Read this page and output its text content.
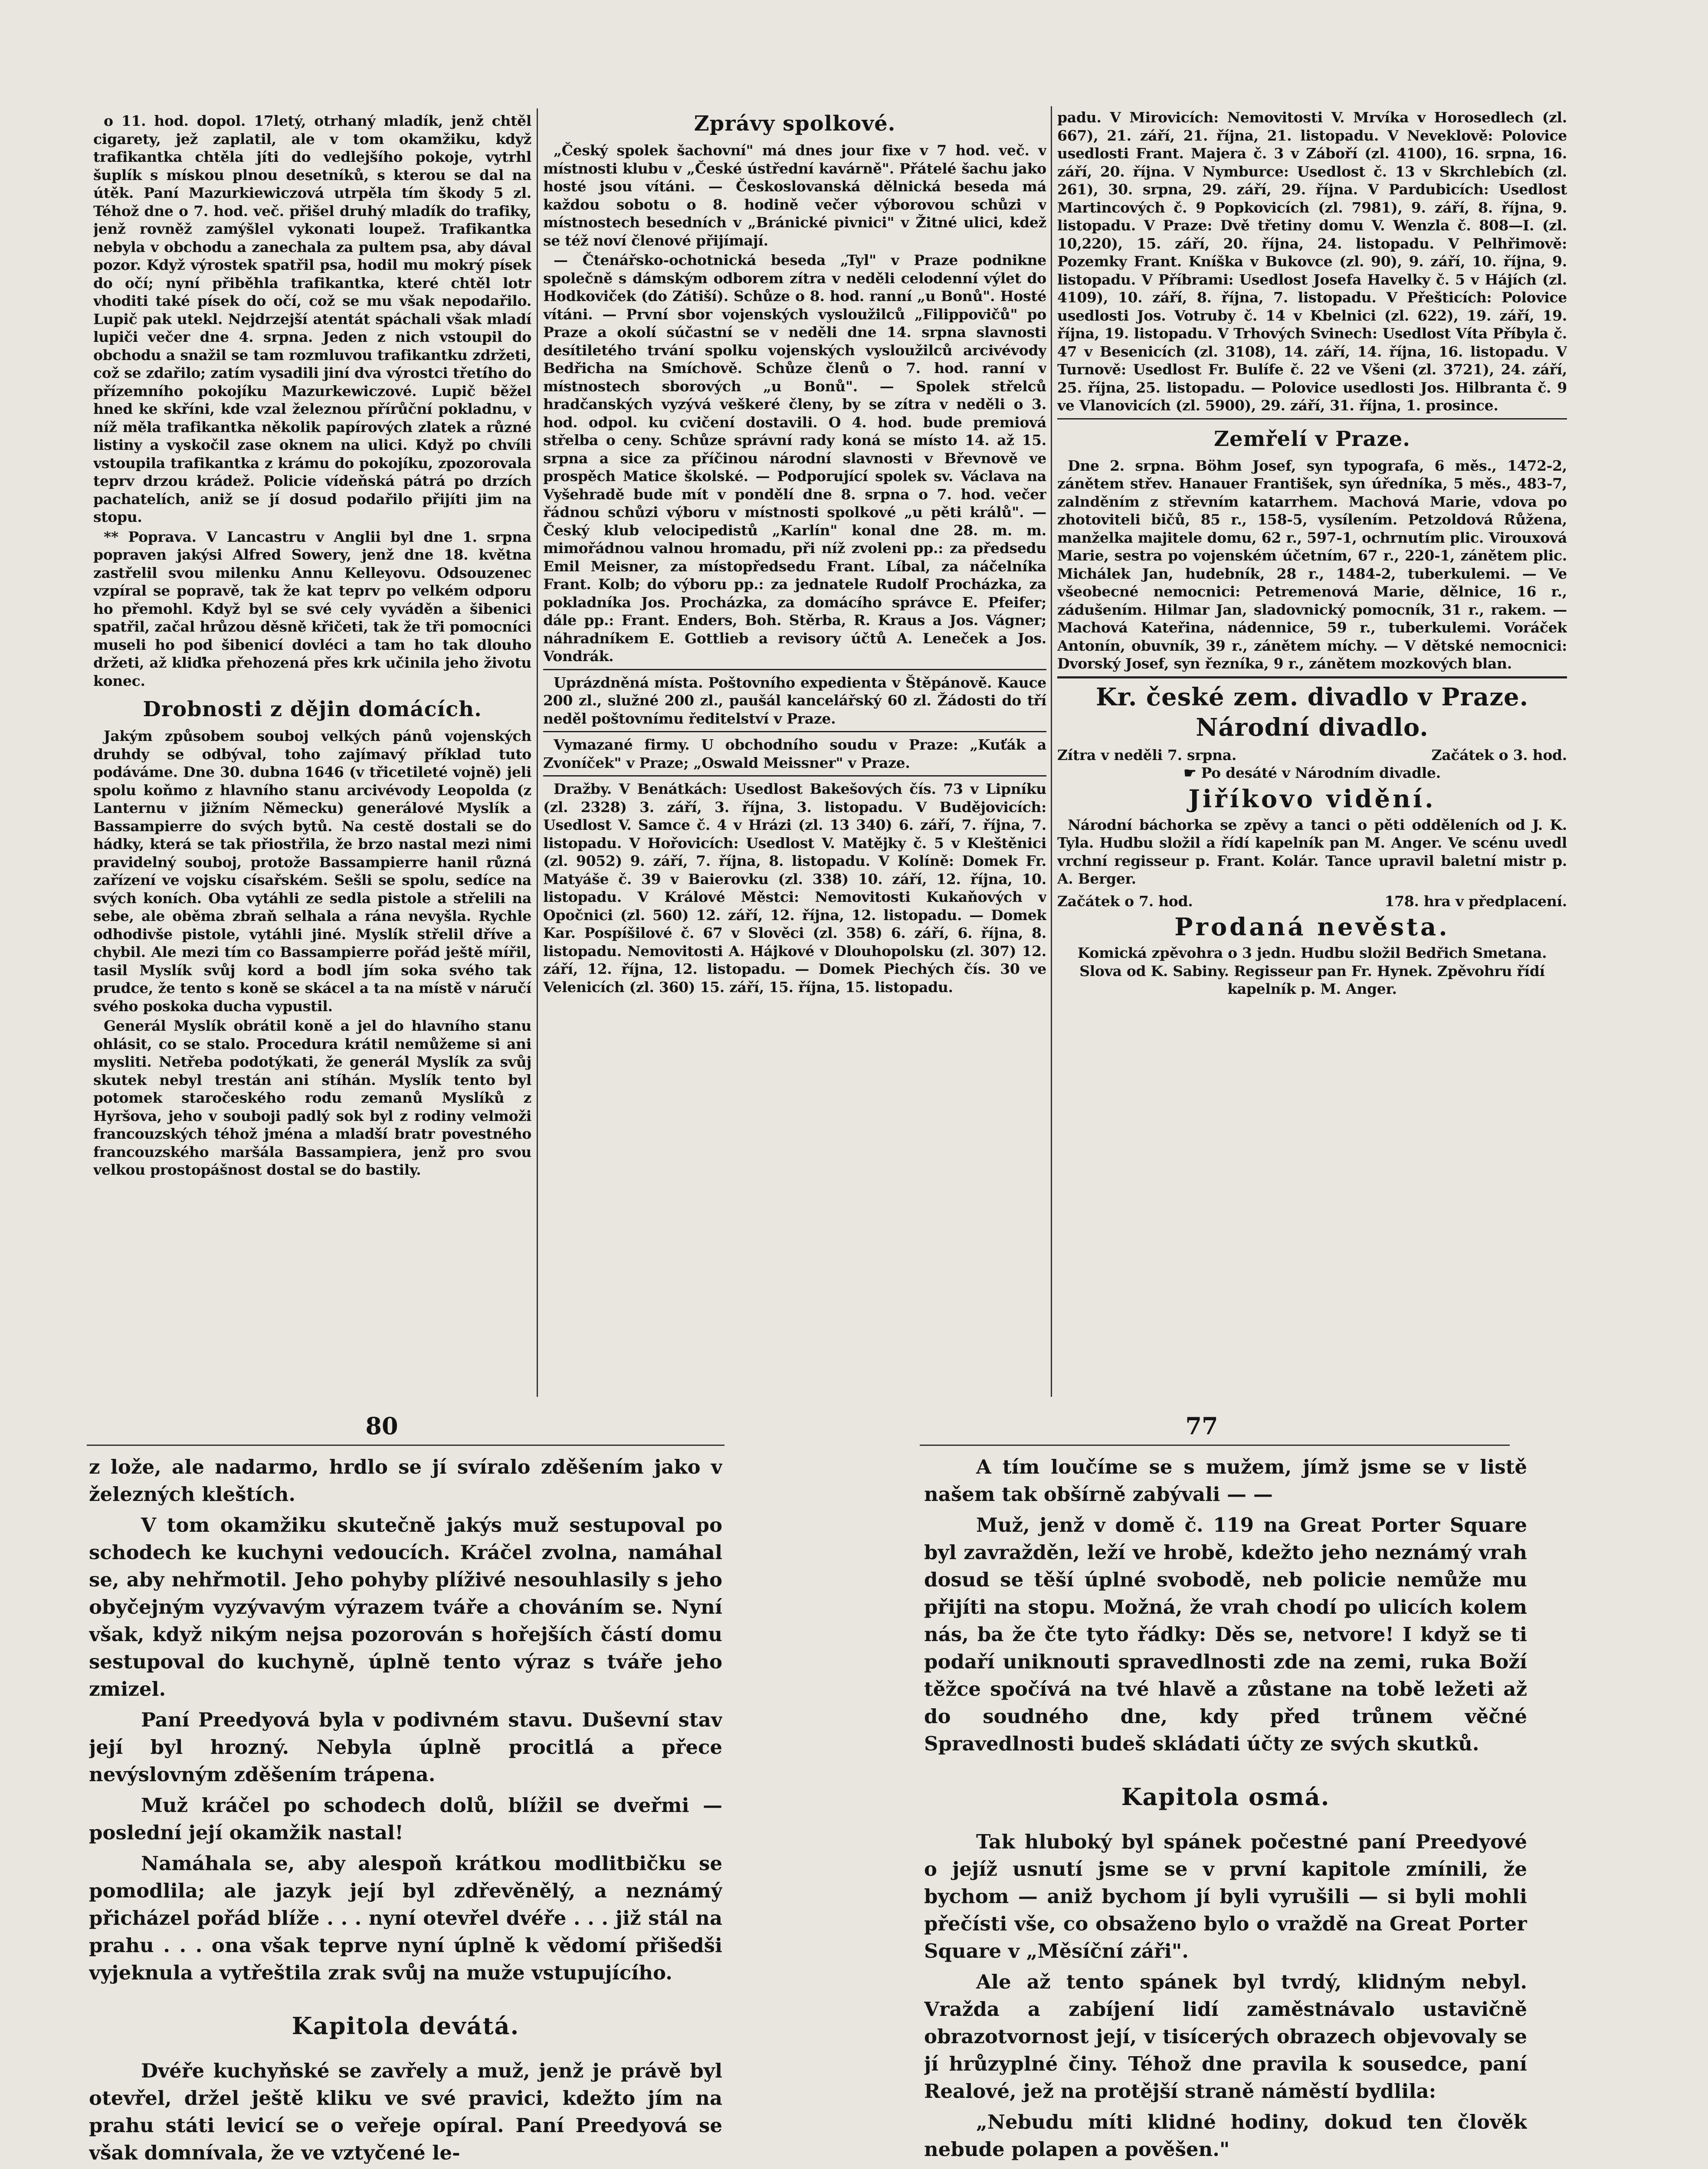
o 11. hod. dopol. 17letý, otrhaný mladík, jenž chtěl cigarety, jež zaplatil, ale v tom okamžiku, když trafikantka chtěla jíti do vedlejšího pokoje, vytrhl šuplík s mískou plnou desetníků, s kterou se dal na útěk. Paní Mazurkiewiczová utrpěla tím škody 5 zl. Téhož dne o 7. hod. več. přišel druhý mladík do trafiky, jenž rovněž zamýšlel vykonati loupež. Trafikantka nebyla v obchodu a zanechala za pultem psa, aby dával pozor. Když výrostek spatřil psa, hodil mu mokrý písek do očí; nyní přiběhla trafikantka, které chtěl lotr vhoditi také písek do očí, což se mu však nepodařilo. Lupič pak utekl. Nejdrzejší atentát spáchali však mladí lupiči večer dne 4. srpna. Jeden z nich vstoupil do obchodu a snažil se tam rozmluvou trafikantku zdržeti, což se zdařilo; zatím vysadili jiní dva výrostci třetího do přízemního pokojíku Mazurkewiczové. Lupič běžel hned ke skříni, kde vzal železnou přírůční pokladnu, v níž měla trafikantka několik papírových zlatek a různé listiny a vyskočil zase oknem na ulici. Když po chvíli vstoupila trafikantka z krámu do pokojíku, zpozorovala teprv drzou krádež. Policie vídeňská pátrá po drzích pachatelích, aniž se jí dosud podařilo přijíti jim na stopu.

** Poprava. V Lancastru v Anglii byl dne 1. srpna popraven jakýsi Alfred Sowery, jenž dne 18. května zastřelil svou milenku Annu Kelleyovu. Odsouzenec vzpíral se popravě, tak že kat teprv po velkém odporu ho přemohl. Když byl se své cely vyváděn a šibenici spatřil, začal hrůzou děsně křičeti, tak že tři pomocníci museli ho pod šibenicí dovléci a tam ho tak dlouho držeti, až kliďka přehozená přes krk učinila jeho životu konec.

Drobnosti z dějin domácích.

Jakým způsobem souboj velkých pánů vojenských druhdy se odbýval, toho zajímavý příklad tuto podáváme. Dne 30. dubna 1646 (v třicetileté vojně) jeli spolu koňmo z hlavního stanu arcivévody Leopolda (z Lanternu v jižním Německu) generálové Myslík a Bassampierre do svých bytů. Na cestě dostali se do hádky, která se tak přiostřila, že brzo nastal mezi nimi pravidelný souboj, protože Bassampierre hanil různá zařízení ve vojsku císařském. Sešli se spolu, sedíce na svých koních. Oba vytáhli ze sedla pistole a střelili na sebe, ale oběma zbraň selhala a rána nevyšla. Rychle odhodivše pistole, vytáhli jiné. Myslík střelil dříve a chybil. Ale mezi tím co Bassampierre pořád ještě mířil, tasil Myslík svůj kord a bodl jím soka svého tak prudce, že tento s koně se skácel a ta na místě v náručí svého poskoka ducha vypustil.

Generál Myslík obrátil koně a jel do hlavního stanu ohlásit, co se stalo. Procedura krátil nemůžeme si ani mysliti. Netřeba podotýkati, že generál Myslík za svůj skutek nebyl trestán ani stíhán. Myslík tento byl potomek staročeského rodu zemanů Myslíků z Hyršova, jeho v souboji padlý sok byl z rodiny velmoži francouzských téhož jména a mladší bratr povestného francouzského maršála Bassampiera, jenž pro svou velkou prostopášnost dostal se do bastily.

Zprávy spolkové.

„Český spolek šachovní" má dnes jour fixe v 7 hod. več. v místnosti klubu v „České ústřední kavárně". Přátelé šachu jako hosté jsou vítáni. — Českoslovanská dělnická beseda má každou sobotu o 8. hodině večer výborovou schůzi v místnostech besedních v „Bránické pivnici" v Žitné ulici, kdež se též noví členové přijímají.

— Čtenářsko-ochotnická beseda „Tyl" v Praze podnikne společně s dámským odborem zítra v neděli celodenní výlet do Hodkoviček (do Zátiší). Schůze o 8. hod. ranní „u Bonů". Hosté vítáni. — První sbor vojenských vysloužilců „Filippovičů" po Praze a okolí súčastní se v neděli dne 14. srpna slavnosti desítiletého trvání spolku vojenských vysloužilců arcivévody Bedřicha na Smíchově. Schůze členů o 7. hod. ranní v místnostech sborových „u Bonů". — Spolek střelců hradčanských vyzývá veškeré členy, by se zítra v neděli o 3. hod. odpol. ku cvičení dostavili. O 4. hod. bude premiová střelba o ceny. Schůze správní rady koná se místo 14. až 15. srpna a sice za příčinou národní slavnosti v Břevnově ve prospěch Matice školské. — Podporující spolek sv. Václava na Vyšehradě bude mít v pondělí dne 8. srpna o 7. hod. večer řádnou schůzi výboru v místnosti spolkové „u pěti králů". — Český klub velocipedistů „Karlín" konal dne 28. m. m. mimořádnou valnou hromadu, při níž zvoleni pp.: za předsedu Emil Meisner, za místopředsedu Frant. Líbal, za náčelníka Frant. Kolb; do výboru pp.: za jednatele Rudolf Procházka, za pokladníka Jos. Procházka, za domácího správce E. Pfeifer; dále pp.: Frant. Enders, Boh. Stěrba, R. Kraus a Jos. Vágner; náhradníkem E. Gottlieb a revisory účtů A. Leneček a Jos. Vondrák.

Uprázdněná místa. Poštovního expedienta v Štěpánově. Kauce 200 zl., služné 200 zl., paušál kancelářský 60 zl. Žádosti do tří neděl poštovnímu ředitelství v Praze.

Vymazané firmy. U obchodního soudu v Praze: „Kuťák a Zvoníček" v Praze; „Oswald Meissner" v Praze.

Dražby. V Benátkách: Usedlost Bakešových čís. 73 v Lipníku (zl. 2328) 3. září, 3. října, 3. listopadu. V Budějovicích: Usedlost V. Samce č. 4 v Hrázi (zl. 13 340) 6. září, 7. října, 7. listopadu. V Hořovicích: Usedlost V. Matějky č. 5 v Kleštěnici (zl. 9052) 9. září, 7. října, 8. listopadu. V Kolíně: Domek Fr. Matyáše č. 39 v Baierovku (zl. 338) 10. září, 12. října, 10. listopadu. V Králové Městci: Nemovitosti Kukaňových v Opočnici (zl. 560) 12. září, 12. října, 12. listopadu. — Domek Kar. Pospíšilové č. 67 v Slověci (zl. 358) 6. září, 6. října, 8. listopadu. Nemovitosti A. Hájkové v Dlouhopolsku (zl. 307) 12. září, 12. října, 12. listopadu. — Domek Piechých čís. 30 ve Velenicích (zl. 360) 15. září, 15. října, 15. listopadu.

padu. V Mirovicích: Nemovitosti V. Mrvíka v Horosedlech (zl. 667), 21. září, 21. října, 21. listopadu. V Neveklově: Polovice usedlosti Frant. Majera č. 3 v Záboří (zl. 4100), 16. srpna, 16. září, 20. října. V Nymburce: Usedlost č. 13 v Skrchlebích (zl. 261), 30. srpna, 29. září, 29. října. V Pardubicích: Usedlost Martincových č. 9 Popkovicích (zl. 7981), 9. září, 8. října, 9. listopadu. V Praze: Dvě třetiny domu V. Wenzla č. 808—I. (zl. 10,220), 15. září, 20. října, 24. listopadu. V Pelhřimově: Pozemky Frant. Kníška v Bukovce (zl. 90), 9. září, 10. října, 9. listopadu. V Příbrami: Usedlost Josefa Havelky č. 5 v Hájích (zl. 4109), 10. září, 8. října, 7. listopadu. V Přešticích: Polovice usedlosti Jos. Votruby č. 14 v Kbelnici (zl. 622), 19. září, 19. října, 19. listopadu. V Trhových Svinech: Usedlost Víta Příbyla č. 47 v Besenicích (zl. 3108), 14. září, 14. října, 16. listopadu. V Turnově: Usedlost Fr. Bulífe č. 22 ve Všeni (zl. 3721), 24. září, 25. října, 25. listopadu. — Polovice usedlosti Jos. Hilbranta č. 9 ve Vlanovicích (zl. 5900), 29. září, 31. října, 1. prosince.

Zemřelí v Praze.

Dne 2. srpna. Böhm Josef, syn typografa, 6 měs., 1472-2, zánětem střev. Hanauer František, syn úředníka, 5 měs., 483-7, zalnděním z střevním katarrhem. Machová Marie, vdova po zhotoviteli bičů, 85 r., 158-5, vysílením. Petzoldová Růžena, manželka majitele domu, 62 r., 597-1, ochrnutím plic. Virouxová Marie, sestra po vojenském účetním, 67 r., 220-1, zánětem plic. Michálek Jan, hudebník, 28 r., 1484-2, tuberkulemi. — Ve všeobecné nemocnici: Petremenová Marie, dělnice, 16 r., zádušením. Hilmar Jan, sladovnický pomocník, 31 r., rakem. — Machová Kateřina, nádennice, 59 r., tuberkulemi. Voráček Antonín, obuvník, 39 r., zánětem míchy. — V dětské nemocnici: Dvorský Josef, syn řezníka, 9 r., zánětem mozkových blan.

Kr. české zem. divadlo v Praze.
Národní divadlo.
Zítra v neděli 7. srpna.	Začátek o 3. hod.
☛ Po desáté v Národním divadle.
Jiříkovo vidění.

Národní báchorka se zpěvy a tanci o pěti odděleních od J. K. Tyla. Hudbu složil a řídí kapelník pan M. Anger. Ve scénu uvedl vrchní regisseur p. Frant. Kolár. Tance upravil baletní mistr p. A. Berger.

Začátek o 7. hod.	178. hra v předplacení.
Prodaná nevěsta.

Komická zpěvohra o 3 jedn. Hudbu složil Bedřich Smetana. Slova od K. Sabiny. Regisseur pan Fr. Hynek. Zpěvohru řídí kapelník p. M. Anger.

80

z lože, ale nadarmo, hrdlo se jí svíralo zděšením jako v železných kleštích.

V tom okamžiku skutečně jakýs muž sestupoval po schodech ke kuchyni vedoucích. Kráčel zvolna, namáhal se, aby nehřmotil. Jeho pohyby plíživé nesouhlasily s jeho obyčejným vyzývavým výrazem tváře a chováním se. Nyní však, když nikým nejsa pozorován s hořejších částí domu sestupoval do kuchyně, úplně tento výraz s tváře jeho zmizel.

Paní Preedyová byla v podivném stavu. Duševní stav její byl hrozný. Nebyla úplně procitlá a přece nevýslovným zděšením trápena.

Muž kráčel po schodech dolů, blížil se dveřmi — poslední její okamžik nastal!

Namáhala se, aby alespoň krátkou modlitbičku se pomodlila; ale jazyk její byl zdřevěnělý, a neznámý přicházel pořád blíže . . . nyní otevřel dvéře . . . již stál na prahu . . . ona však teprve nyní úplně k vědomí přišedši vyjeknula a vytřeštila zrak svůj na muže vstupujícího.

Kapitola devátá.

Dvéře kuchyňské se zavřely a muž, jenž je právě byl otevřel, držel ještě kliku ve své pravici, kdežto jím na prahu státi levicí se o veřeje opíral. Paní Preedyová se však domnívala, že ve vztyčené le-

77

A tím loučíme se s mužem, jímž jsme se v listě našem tak obšírně zabývali — —

Muž, jenž v domě č. 119 na Great Porter Square byl zavražděn, leží ve hrobě, kdežto jeho neznámý vrah dosud se těší úplné svobodě, neb policie nemůže mu přijíti na stopu. Možná, že vrah chodí po ulicích kolem nás, ba že čte tyto řádky: Děs se, netvore! I když se ti podaří uniknouti spravedlnosti zde na zemi, ruka Boží těžce spočívá na tvé hlavě a zůstane na tobě ležeti až do soudného dne, kdy před trůnem věčné Spravedlnosti budeš skládati účty ze svých skutků.

Kapitola osmá.

Tak hluboký byl spánek počestné paní Preedyové o jejíž usnutí jsme se v první kapitole zmínili, že bychom — aniž bychom jí byli vyrušili — si byli mohli přečísti vše, co obsaženo bylo o vraždě na Great Porter Square v „Měsíční záři".

Ale až tento spánek byl tvrdý, klidným nebyl. Vražda a zabíjení lidí zaměstnávalo ustavičně obrazotvornost její, v tisícerých obrazech objevovaly se jí hrůzyplné činy. Téhož dne pravila k sousedce, paní Realové, jež na protější straně náměstí bydlila:

„Nebudu míti klidné hodiny, dokud ten člověk nebude polapen a pověšen."
